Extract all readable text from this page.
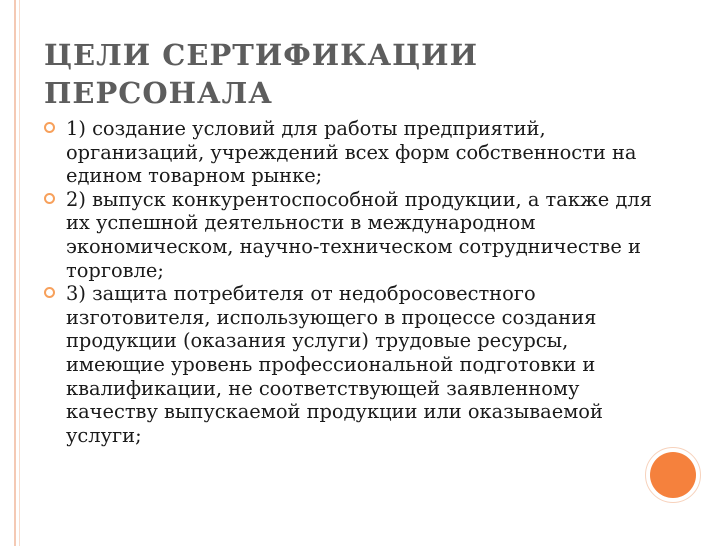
ЦЕЛИ СЕРТИФИКАЦИИ ПЕРСОНАЛА
1) создание условий для работы предприятий, организаций, учреждений всех форм собственности на едином товарном рынке;
2) выпуск конкурентоспособной продукции, а также для их успешной деятельности в международном экономическом, научно-техническом сотрудничестве и торговле;
3) защита потребителя от недобросовестного изготовителя, использующего в процессе создания продукции (оказания услуги) трудовые ресурсы, имеющие уровень профессиональной подготовки и квалификации, не соответствующей заявленному качеству выпускаемой продукции или оказываемой услуги;
